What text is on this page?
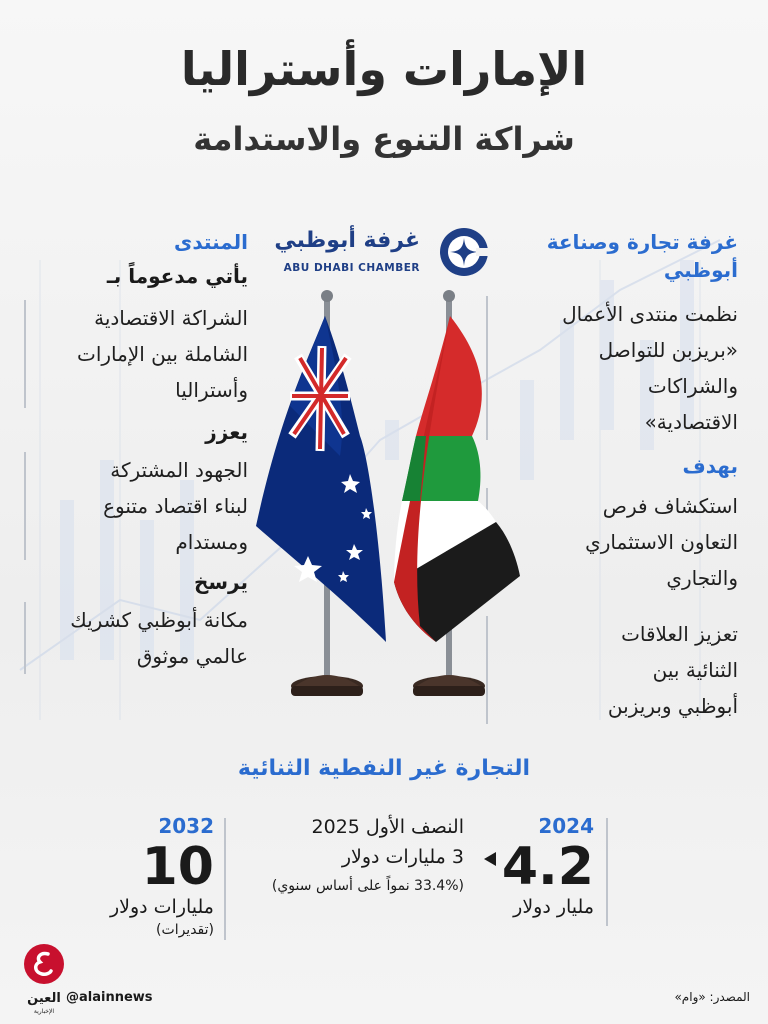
الإمارات وأستراليا
شراكة التنوع والاستدامة
غرفة أبوظبي
ABU DHABI CHAMBER
المنتدى
يأتي مدعوماً بـ
الشراكة الاقتصادية
الشاملة بين الإمارات
وأستراليا
يعزز
الجهود المشتركة
لبناء اقتصاد متنوع
ومستدام
يرسخ
مكانة أبوظبي كشريك
عالمي موثوق
غرفة تجارة وصناعة
أبوظبي
نظمت منتدى الأعمال
«بريزبن للتواصل
والشراكات
الاقتصادية»
بهدف
استكشاف فرص
التعاون الاستثماري
والتجاري
تعزيز العلاقات
الثنائية بين
أبوظبي وبريزبن
التجارة غير النفطية الثنائية
2024
4.2
مليار دولار
النصف الأول 2025
3 مليارات دولار
(33.4% نمواً على أساس سنوي)
2032
10
مليارات دولار
(تقديرات)
العين
الإخبارية
@alainnews	المصدر: «وام»
